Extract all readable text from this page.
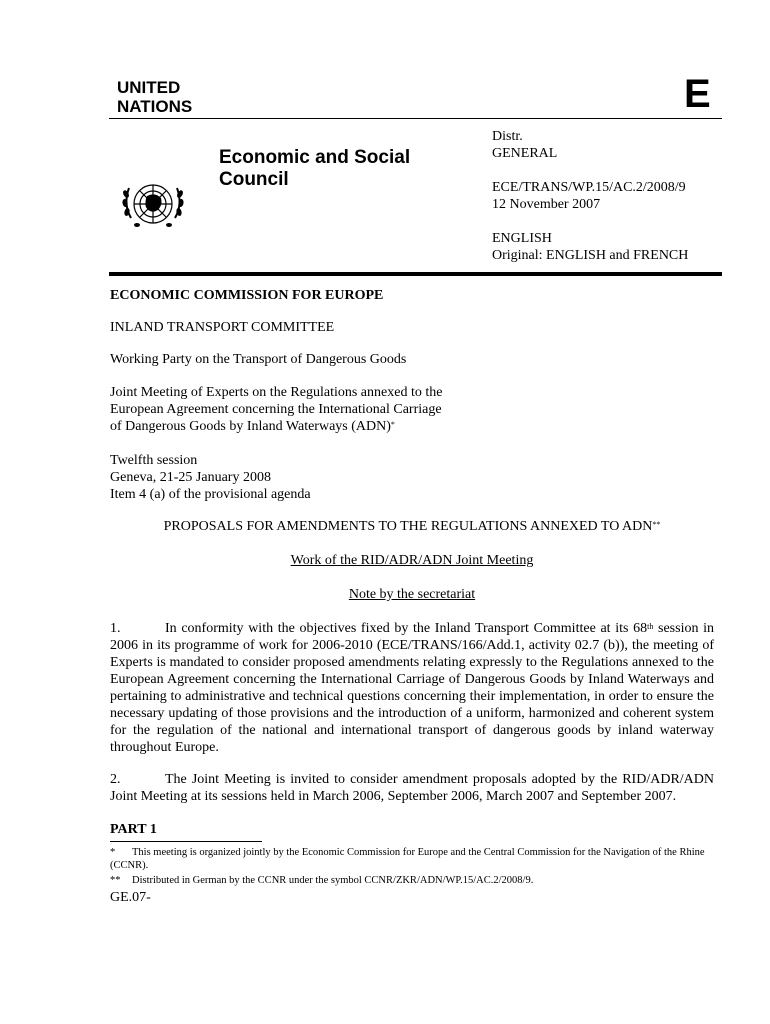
UNITED
NATIONS	E
Economic and Social
Council
Distr.
GENERAL
ECE/TRANS/WP.15/AC.2/2008/9
12 November 2007
ENGLISH
Original: ENGLISH and FRENCH

ECONOMIC COMMISSION FOR EUROPE

INLAND TRANSPORT COMMITTEE

Working Party on the Transport of Dangerous Goods

Joint Meeting of Experts on the Regulations annexed to the

European Agreement concerning the International Carriage

of Dangerous Goods by Inland Waterways (ADN)*

Twelfth session

Geneva, 21-25 January 2008

Item 4 (a) of the provisional agenda

PROPOSALS FOR AMENDMENTS TO THE REGULATIONS ANNEXED TO ADN**

Work of the RID/ADR/ADN Joint Meeting

Note by the secretariat

1.	In conformity with the objectives fixed by the Inland Transport Committee at its 68th session in 2006 in its programme of work for 2006-2010 (ECE/TRANS/166/Add.1, activity 02.7 (b)), the meeting of Experts is mandated to consider proposed amendments relating expressly to the Regulations annexed to the European Agreement concerning the International Carriage of Dangerous Goods by Inland Waterways and pertaining to administrative and technical questions concerning their implementation, in order to ensure the necessary updating of those provisions and the introduction of a uniform, harmonized and coherent system for the regulation of the national and international transport of dangerous goods by inland waterway throughout Europe.

2.	The Joint Meeting is invited to consider amendment proposals adopted by the RID/ADR/ADN Joint Meeting at its sessions held in March 2006, September 2006, March 2007 and September 2007.

PART 1

* This meeting is organized jointly by the Economic Commission for Europe and the Central Commission for the Navigation of the Rhine (CCNR).
** Distributed in German by the CCNR under the symbol CCNR/ZKR/ADN/WP.15/AC.2/2008/9.

GE.07-
